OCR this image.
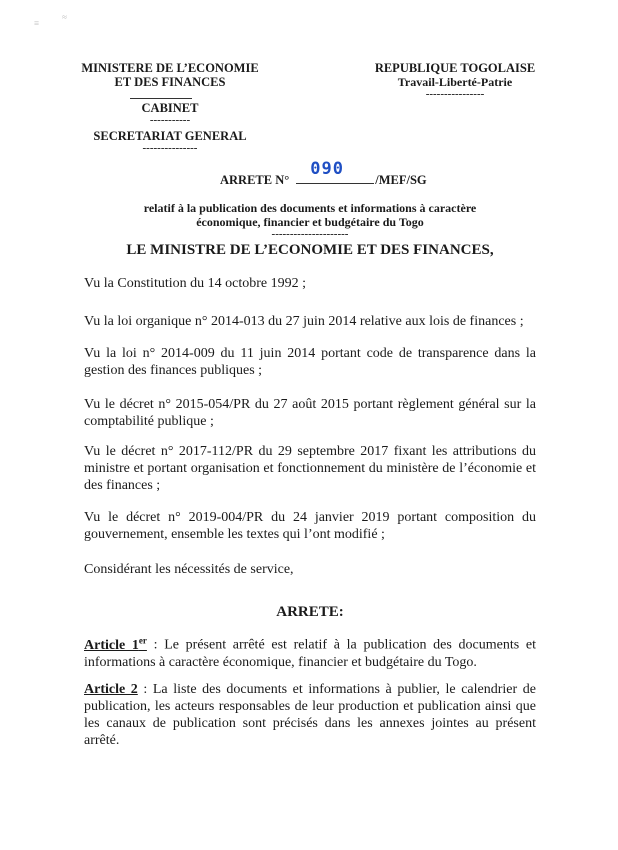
≡
≈
MINISTERE DE L’ECONOMIE
ET DES FINANCES
CABINET
-----------
SECRETARIAT GENERAL
---------------
REPUBLIQUE TOGOLAISE
Travail-Liberté-Patrie
----------------
ARRETE N°
090
/MEF/SG
relatif à la publication des documents et informations à caractère
économique, financier et budgétaire du Togo
---------------------
LE MINISTRE DE L’ECONOMIE ET DES FINANCES,
Vu la Constitution du 14 octobre 1992 ;
Vu la loi organique n° 2014-013 du 27 juin 2014 relative aux lois de finances ;
Vu la loi n° 2014-009 du 11 juin 2014 portant code de transparence dans la gestion des finances publiques ;
Vu le décret n° 2015-054/PR du 27 août 2015 portant règlement général sur la comptabilité publique ;
Vu le décret n° 2017-112/PR du 29 septembre 2017 fixant les attributions du ministre et portant organisation et fonctionnement du ministère de l’économie et des finances ;
Vu le décret n° 2019-004/PR du 24 janvier 2019 portant composition du gouvernement, ensemble les textes qui l’ont modifié ;
Considérant les nécessités de service,
ARRETE:
Article 1er : Le présent arrêté est relatif à la publication des documents et informations à caractère économique, financier et budgétaire du Togo.
Article 2 : La liste des documents et informations à publier, le calendrier de publication, les acteurs responsables de leur production et publication ainsi que les canaux de publication sont précisés dans les annexes jointes au présent arrêté.
